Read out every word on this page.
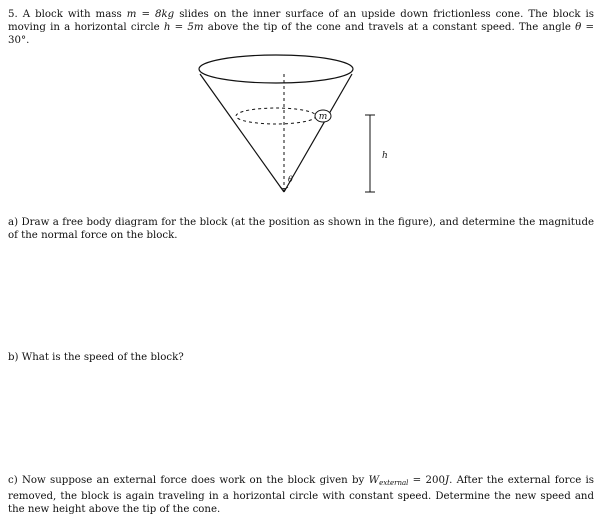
5. A block with mass m = 8kg slides on the inner surface of an upside down frictionless cone. The block is moving in a horizontal circle h = 5m above the tip of the cone and travels at a constant speed. The angle θ = 30°.

m
θ
h

a) Draw a free body diagram for the block (at the position as shown in the figure), and determine the magnitude of the normal force on the block.

b) What is the speed of the block?

c) Now suppose an external force does work on the block given by $W_{external} = 200J$. After the external force is removed, the block is again traveling in a horizontal circle with constant speed. Determine the new speed and the new height above the tip of the cone.
